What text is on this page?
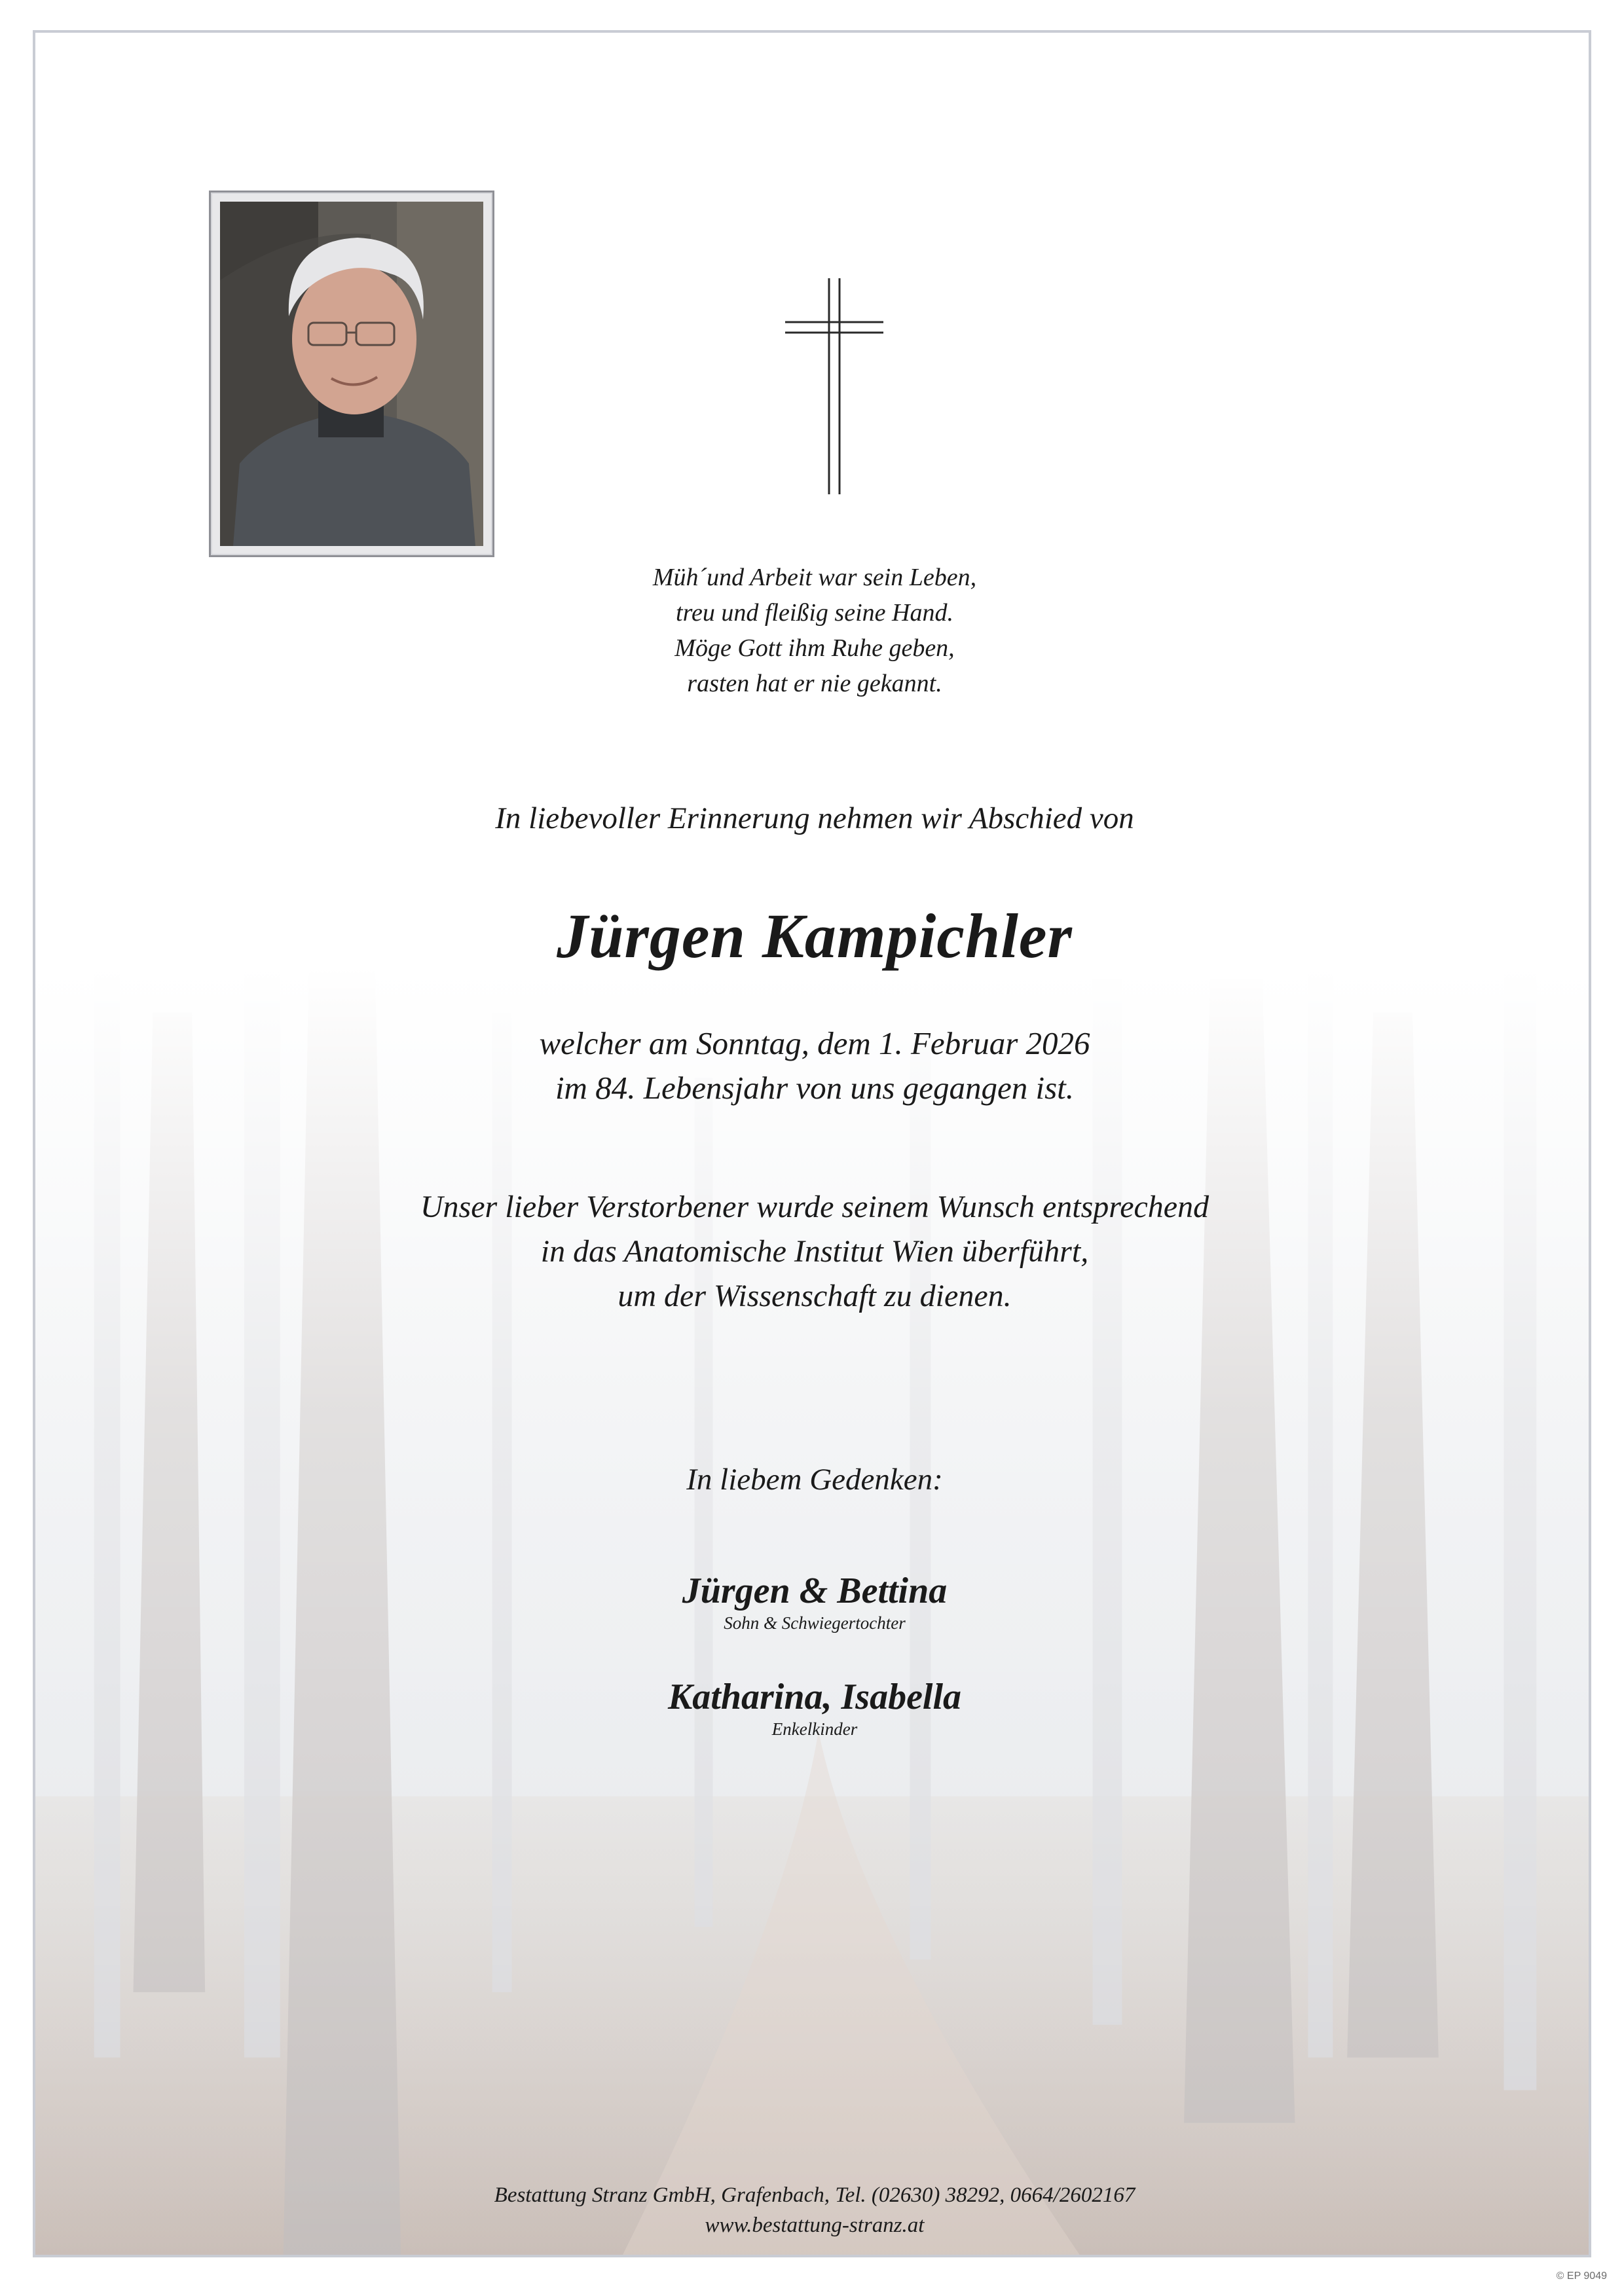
Müh´und Arbeit war sein Leben,
treu und fleißig seine Hand.
Möge Gott ihm Ruhe geben,
rasten hat er nie gekannt.
In liebevoller Erinnerung nehmen wir Abschied von
Jürgen Kampichler
welcher am Sonntag, dem 1. Februar 2026
im 84. Lebensjahr von uns gegangen ist.
Unser lieber Verstorbener wurde seinem Wunsch entsprechend
in das Anatomische Institut Wien überführt,
um der Wissenschaft zu dienen.
In liebem Gedenken:
Jürgen & Bettina
Sohn & Schwiegertochter
Katharina, Isabella
Enkelkinder
Bestattung Stranz GmbH, Grafenbach, Tel. (02630) 38292, 0664/2602167
www.bestattung-stranz.at
© EP 9049
